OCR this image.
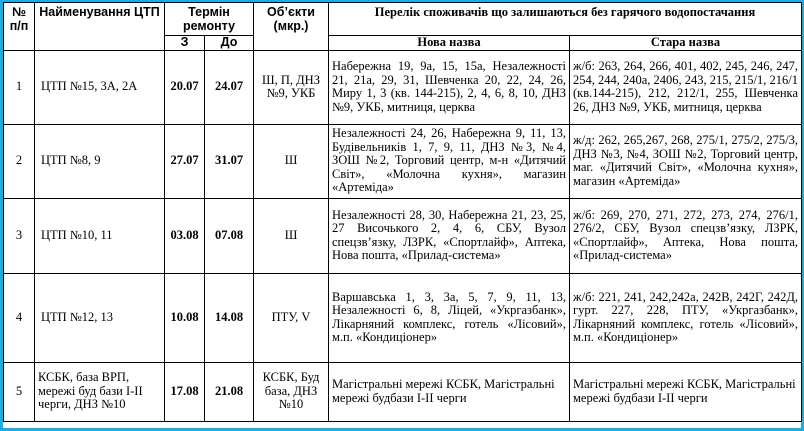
№ п/п	Найменування ЦТП	Термін ремонту		Об’єкти (мкр.)	Перелік споживачів що залишаються без гарячого водопостачання	
		З	До		Нова назва	Стара назва
1	ЦТП №15, 3А, 2А	20.07	24.07	Ш, П, ДНЗ №9, УКБ	Набережна 19, 9а, 15, 15а, Незалежності 21, 21а, 29, 31, Шевченка 20, 22, 24, 26, Миру 1, 3 (кв. 144-215), 2, 4, 6, 8, 10, ДНЗ №9, УКБ, митниця, церква	ж/б: 263, 264, 266, 401, 402, 245, 246, 247, 254, 244, 240а, 2406, 243, 215, 215/1, 216/1 (кв.144-215), 212, 212/1, 255, Шевченка 26, ДНЗ №9, УКБ, митниця, церква
2	ЦТП №8, 9	27.07	31.07	Ш	Незалежності 24, 26, Набережна 9, 11, 13, Будівельників 1, 7, 9, 11, ДНЗ №3, №4, ЗОШ №2, Торговий центр, м-н «Дитячий Світ», «Молочна кухня», магазин «Артеміда»	ж/д: 262, 265,267, 268, 275/1, 275/2, 275/3, ДНЗ №3, №4, ЗОШ №2, Торговий центр, маг. «Дитячий Світ», «Молочна кухня», магазин «Артеміда»
3	ЦТП №10, 11	03.08	07.08	Ш	Незалежності 28, 30, Набережна 21, 23, 25, 27 Височького 2, 4, 6, СБУ, Вузол спецзв’язку, ЛЗРК, «Спортлайф», Аптека, Нова пошта, «Прилад-система»	ж/б: 269, 270, 271, 272, 273, 274, 276/1, 276/2, СБУ, Вузол спецзв’язку, ЛЗРК, «Спортлайф», Аптека, Нова пошта, «Прилад-система»
4	ЦТП №12, 13	10.08	14.08	ПТУ, V	Варшавська 1, 3, 3а, 5, 7, 9, 11, 13, Незалежності 6, 8, Ліцей, «Укргазбанк», Лікарняний комплекс, готель «Лісовий», м.п. «Кондиціонер»	ж/б: 221, 241, 242,242а, 242В, 242Г, 242Д, гурт. 227, 228, ПТУ, «Укргазбанк», Лікарняний комплекс, готель «Лісовий», м.п. «Кондиціонер»
5	КСБК, база ВРП, мережі буд бази І-ІІ черги, ДНЗ №10	17.08	21.08	КСБК, Буд база, ДНЗ №10	Магістральні мережі КСБК, Магістральні мережі будбази І-ІІ черги	Магістральні мережі КСБК, Магістральні мережі будбази І-ІІ черги
